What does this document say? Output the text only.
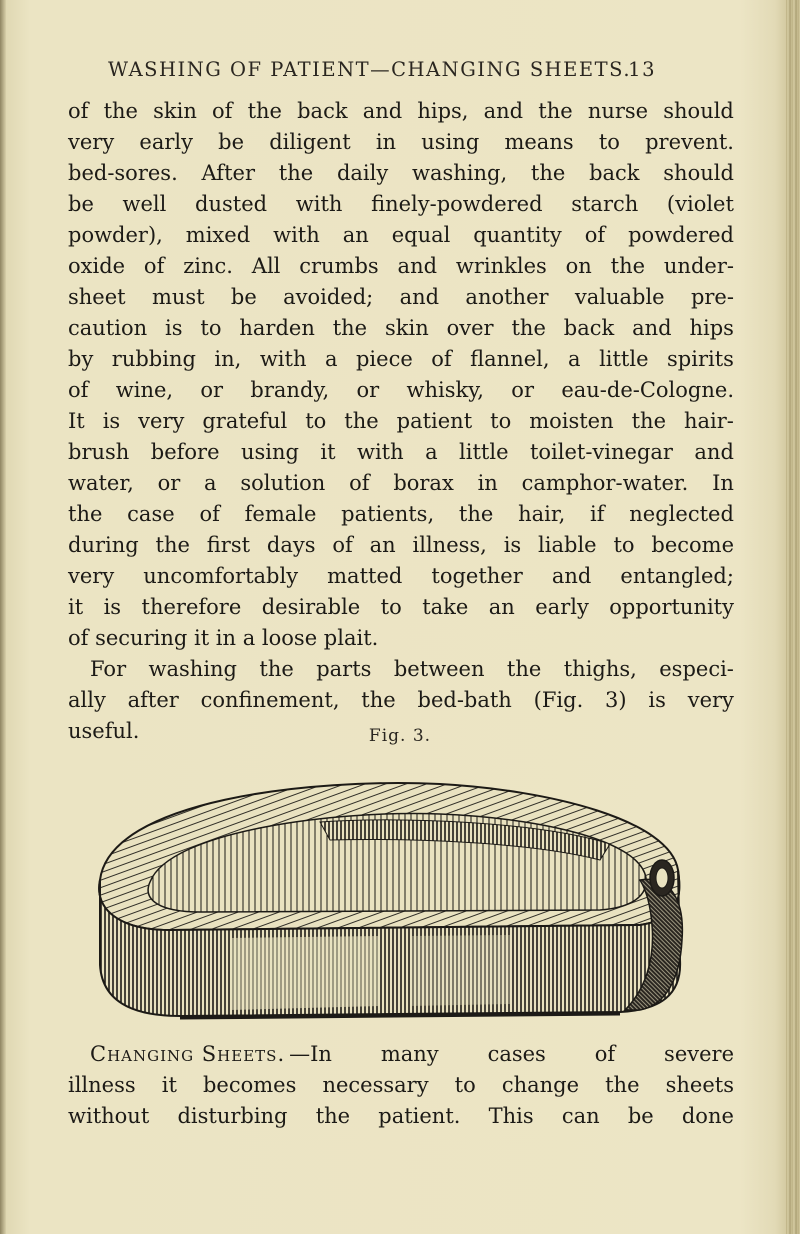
WASHING OF PATIENT—CHANGING SHEETS.
13
of the skin of the back and hips, and the nurse should
very early be diligent in using means to prevent.
bed-sores. After the daily washing, the back should
be well dusted with finely-powdered starch (violet
powder), mixed with an equal quantity of powdered
oxide of zinc. All crumbs and wrinkles on the under-
sheet must be avoided; and another valuable pre-
caution is to harden the skin over the back and hips
by rubbing in, with a piece of flannel, a little spirits
of wine, or brandy, or whisky, or eau-de-Cologne.
It is very grateful to the patient to moisten the hair-
brush before using it with a little toilet-vinegar and
water, or a solution of borax in camphor-water. In
the case of female patients, the hair, if neglected
during the first days of an illness, is liable to become
very uncomfortably matted together and entangled;
it is therefore desirable to take an early opportunity
of securing it in a loose plait.
For washing the parts between the thighs, especi-
ally after confinement, the bed-bath (Fig. 3) is very
useful.	Fig. 3.
Changing Sheets. —In many cases of severe
illness it becomes necessary to change the sheets
without disturbing the patient. This can be done
